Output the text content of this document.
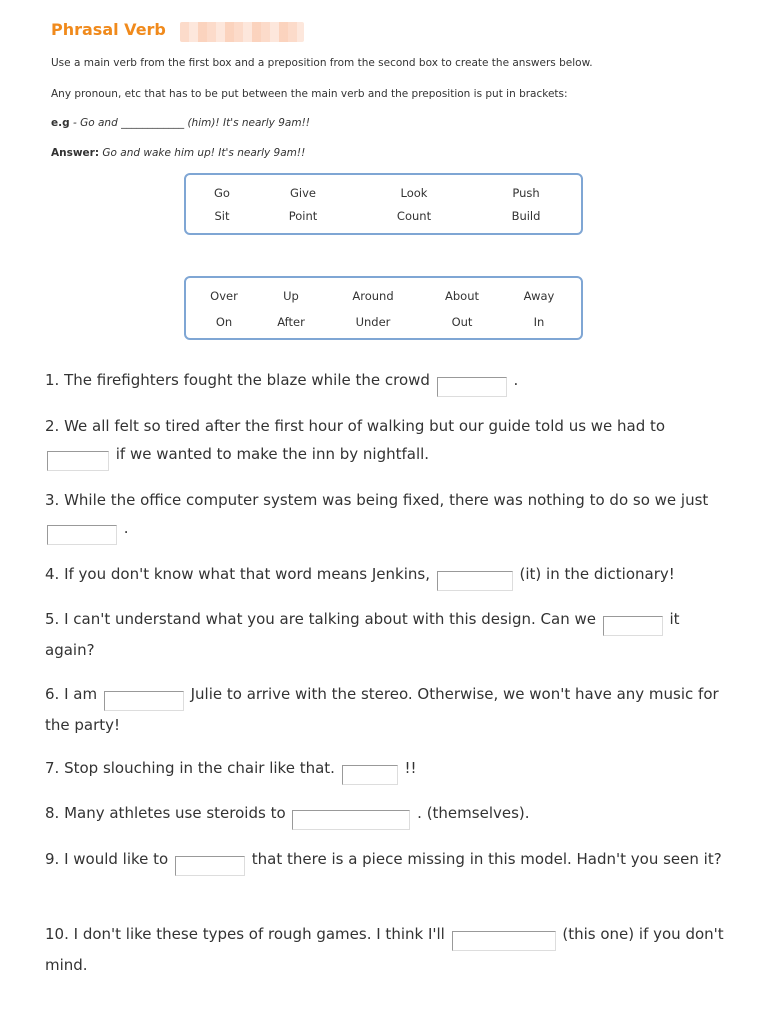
Phrasal Verb
Use a main verb from the first box and a preposition from the second box to create the answers below.
Any pronoun, etc that has to be put between the main verb and the preposition is put in brackets:
e.g - Go and ____________ (him)! It's nearly 9am!!
Answer: Go and wake him up! It's nearly 9am!!
Go	Give	Look	Push
Sit	Point	Count	Build
Over	Up	Around	About	Away
On	After	Under	Out	In
1. The firefighters fought the blaze while the crowd	.
2. We all felt so tired after the first hour of walking but our guide told us we had to  if we wanted to make the inn by nightfall.
3. While the office computer system was being fixed, there was nothing to do so we just  .
4. If you don't know what that word means Jenkins,	(it) in the dictionary!
5. I can't understand what you are talking about with this design. Can we	it again?
6. I am	Julie to arrive with the stereo. Otherwise, we won't have any music for the party!
7. Stop slouching in the chair like that.	!!
8. Many athletes use steroids to	. (themselves).
9. I would like to	that there is a piece missing in this model. Hadn't you seen it?
10. I don't like these types of rough games. I think I'll	(this one) if you don't mind.
